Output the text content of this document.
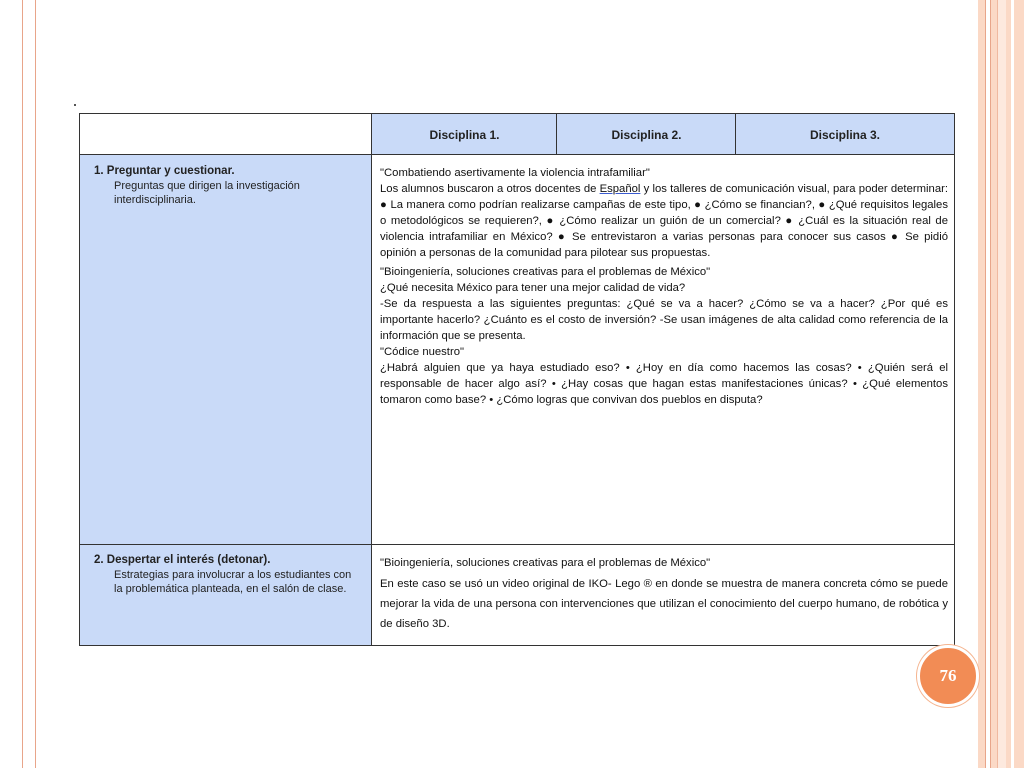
Disciplina 1.	Disciplina 2.	Disciplina 3.

1. Preguntar y cuestionar.

Preguntas que dirigen la investigación interdisciplinaria.

"Combatiendo asertivamente la violencia intrafamiliar"

Los alumnos buscaron a otros docentes de Español y los talleres de comunicación visual, para poder determinar: ● La manera como podrían realizarse campañas de este tipo, ● ¿Cómo se financian?, ● ¿Qué requisitos legales o metodológicos se requieren?, ● ¿Cómo realizar un guión de un comercial? ● ¿Cuál es la situación real de violencia intrafamiliar en México? ● Se entrevistaron a varias personas para conocer sus casos ● Se pidió opinión a personas de la comunidad para pilotear sus propuestas.

"Bioingeniería, soluciones creativas para el problemas de México"

¿Qué necesita México para tener una mejor calidad de vida?

-Se da respuesta a las siguientes preguntas: ¿Qué se va a hacer? ¿Cómo se va a hacer? ¿Por qué es importante hacerlo? ¿Cuánto es el costo de inversión? -Se usan imágenes de alta calidad como referencia de la información que se presenta.

"Códice nuestro"

¿Habrá alguien que ya haya estudiado eso? • ¿Hoy en día como hacemos las cosas? • ¿Quién será el responsable de hacer algo así? • ¿Hay cosas que hagan estas manifestaciones únicas? • ¿Qué elementos tomaron como base? • ¿Cómo logras que convivan dos pueblos en disputa?

2. Despertar el interés (detonar).

Estrategias para involucrar a los estudiantes con la problemática planteada, en el salón de clase.

"Bioingeniería, soluciones creativas para el problemas de México"

En este caso se usó un video original de IKO- Lego ® en donde se muestra de manera concreta cómo se puede mejorar la vida de una persona con intervenciones que utilizan el conocimiento del cuerpo humano, de robótica y de diseño 3D.

76
